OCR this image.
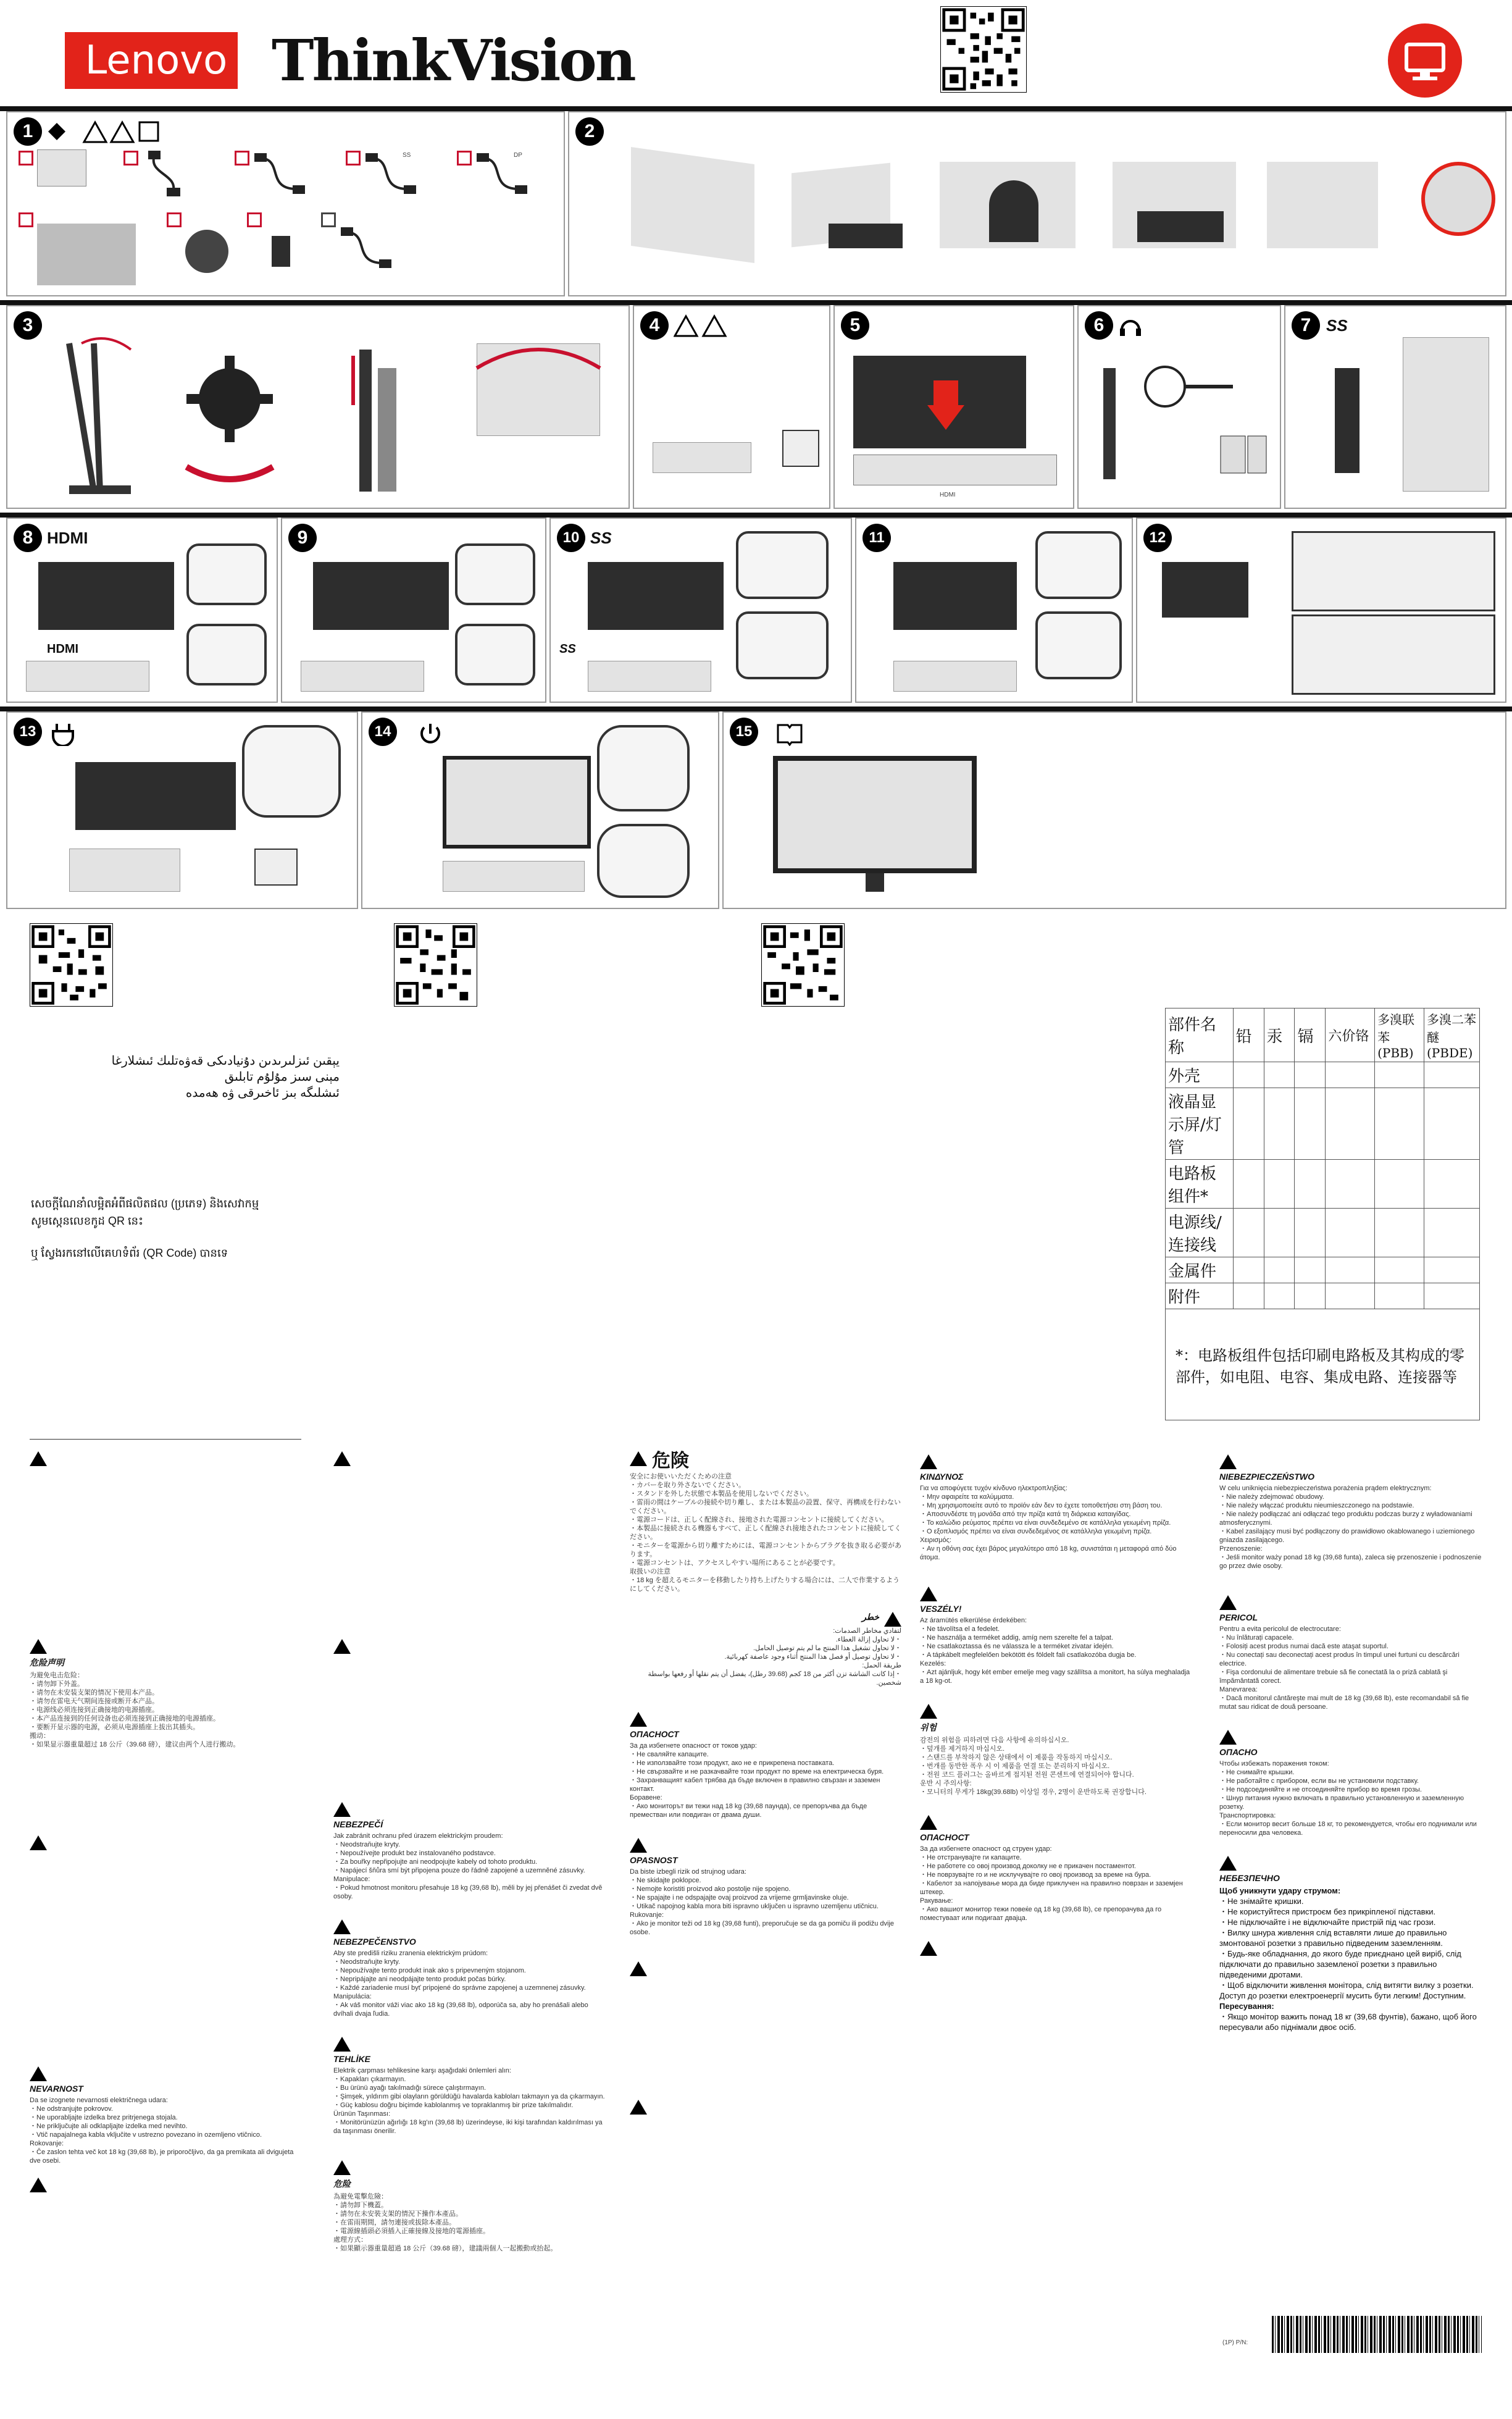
Lenovo ThinkVision
1
SS	DP
2
3	4	5
HDMI
6	7 SS
8 HDMI
HDMI
9	10 SS
SS
11	12
13	14	15
يېقىن ئىزلىرىدىن دۇنيادىكى قەۋەتلىك ئىشلارغا
مېنى سىز مۇلۇم تابلىق
ئىشلىگە بىز ئاخىرقى ۋە ھەمدە
សេចក្តីណែនាំលម្អិតអំពីផលិតផល (ប្រភេទ) និងសេវាកម្ម
សូមស្កេនលេខកូដ QR នេះ
ឬ ស្វែងរកនៅលើគេហទំព័រ (QR Code) បានទេ
部件名称	铅	汞	镉	六价铬	多溴联苯(PBB)	多溴二苯醚(PBDE)
外壳						
液晶显示屏/灯管						
电路板组件*						
电源线/连接线						
金属件						
附件						
*：电路板组件包括印刷电路板及其构成的零部件，如电阻、电容、集成电路、连接器等						
危险声明
为避免电击危险：
・请勿卸下外盖。
・请勿在未安装支架的情况下使用本产品。
・请勿在雷电天气期间连接或断开本产品。
・电源线必须连接到正确接地的电源插座。
・本产品连接到的任何设备也必须连接到正确接地的电源插座。
・要断开显示器的电源，必须从电源插座上拔出其插头。
搬动：
・如果显示器重量超过 18 公斤（39.68 磅），建议由两个人进行搬动。
NEVARNOST
Da se izognete nevarnosti električnega udara:
・Ne odstranjujte pokrovov.
・Ne uporabljajte izdelka brez pritrjenega stojala.
・Ne priključujte ali odklapljajte izdelka med nevihto.
・Vtič napajalnega kabla vključite v ustrezno povezano in ozemljeno vtičnico.
Rokovanje:
・Če zaslon tehta več kot 18 kg (39,68 lb), je priporočljivo, da ga premikata ali dvigujeta dve osebi.
NEBEZPEČÍ
Jak zabránit ochranu před úrazem elektrickým proudem:
・Neodstraňujte kryty.
・Nepoužívejte produkt bez instalovaného podstavce.
・Za bouřky nepřipojujte ani neodpojujte kabely od tohoto produktu.
・Napájecí šňůra smí být připojena pouze do řádně zapojené a uzemněné zásuvky.
Manipulace:
・Pokud hmotnost monitoru přesahuje 18 kg (39,68 lb), měli by jej přenášet či zvedat dvě osoby.
NEBEZPEČENSTVO
Aby ste predišli riziku zranenia elektrickým prúdom:
・Neodstraňujte kryty.
・Nepoužívajte tento produkt inak ako s pripevneným stojanom.
・Nepripájajte ani neodpájajte tento produkt počas búrky.
・Každé zariadenie musí byť pripojené do správne zapojenej a uzemnenej zásuvky.
Manipulácia:
・Ak váš monitor váži viac ako 18 kg (39,68 lb), odporúča sa, aby ho prenášali alebo dvíhali dvaja ľudia.
TEHLİKE
Elektrik çarpması tehlikesine karşı aşağıdaki önlemleri alın:
・Kapakları çıkarmayın.
・Bu ürünü ayağı takılmadığı sürece çalıştırmayın.
・Şimşek, yıldırım gibi olayların görüldüğü havalarda kabloları takmayın ya da çıkarmayın.
・Güç kablosu doğru biçimde kablolanmış ve topraklanmış bir prize takılmalıdır.
Ürünün Taşınması:
・Monitörünüzün ağırlığı 18 kg'ın (39,68 lb) üzerindeyse, iki kişi tarafından kaldırılması ya da taşınması önerilir.
危险
為避免電擊危險：
・請勿卸下機蓋。
・請勿在未安裝支架的情況下操作本產品。
・在雷雨期間，請勿連接或拔除本產品。
・電源線插頭必須插入正確接線及接地的電源插座。
處理方式：
・如果顯示器重量超過 18 公斤（39.68 磅），建議兩個人一起搬動或抬起。
危険
安全にお使いいただくための注意
・カバーを取り外さないでください。
・スタンドを外した状態で本製品を使用しないでください。
・雷雨の間はケーブルの接続や切り離し、または本製品の設置、保守、再構成を行わないでください。
・電源コードは、正しく配線され、接地された電源コンセントに接続してください。
・本製品に接続される機器もすべて、正しく配線され接地されたコンセントに接続してください。
・モニターを電源から切り離すためには、電源コンセントからプラグを抜き取る必要があります。
・電源コンセントは、アクセスしやすい場所にあることが必要です。
取扱いの注意
・18 kg を超えるモニターを移動したり持ち上げたりする場合には、二人で作業するようにしてください。
خطر
لتفادي مخاطر الصدمات:
・لا تحاول إزالة الغطاء.
・لا تحاول تشغيل هذا المنتج ما لم يتم توصيل الحامل.
・لا تحاول توصيل أو فصل هذا المنتج أثناء وجود عاصفة كهربائية.
طريقة الحمل:
・إذا كانت الشاشة تزن أكثر من 18 كجم (39.68 رطل)، يفضل أن يتم نقلها أو رفعها بواسطة شخصين.
ОПАСНОСТ
За да избегнете опасност от токов удар:
・Не сваляйте капаците.
・Не използвайте този продукт, ако не е прикрепена поставката.
・Не свързвайте и не разкачвайте този продукт по време на електрическа буря.
・Захранващият кабел трябва да бъде включен в правилно свързан и заземен контакт.
Боравене:
・Ако мониторът ви тежи над 18 kg (39,68 паунда), се препоръчва да бъде преместван или повдиган от двама души.
OPASNOST
Da biste izbegli rizik od strujnog udara:
・Ne skidajte poklopce.
・Nemojte koristiti proizvod ako postolje nije spojeno.
・Ne spajajte i ne odspajajte ovaj proizvod za vrijeme grmljavinske oluje.
・Utikač napojnog kabla mora biti ispravno uključen u ispravno uzemljenu utičnicu.
Rukovanje:
・Ako je monitor teži od 18 kg (39,68 funti), preporučuje se da ga pomiču ili podižu dvije osobe.
ΚΙΝΔΥΝΟΣ
Για να αποφύγετε τυχόν κίνδυνο ηλεκτροπληξίας:
・Μην αφαιρείτε τα καλύμματα.
・Μη χρησιμοποιείτε αυτό το προϊόν εάν δεν το έχετε τοποθετήσει στη βάση του.
・Αποσυνδέστε τη μονάδα από την πρίζα κατά τη διάρκεια καταιγίδας.
・Το καλώδιο ρεύματος πρέπει να είναι συνδεδεμένο σε κατάλληλα γειωμένη πρίζα.
・Ο εξοπλισμός πρέπει να είναι συνδεδεμένος σε κατάλληλα γειωμένη πρίζα.
Χειρισμός:
・Αν η οθόνη σας έχει βάρος μεγαλύτερο από 18 kg, συνιστάται η μεταφορά από δύο άτομα.
VESZÉLY!
Az áramütés elkerülése érdekében:
・Ne távolítsa el a fedelet.
・Ne használja a terméket addig, amíg nem szerelte fel a talpat.
・Ne csatlakoztassa és ne válassza le a terméket zivatar idején.
・A tápkábelt megfelelően bekötött és földelt fali csatlakozóba dugja be.
Kezelés:
・Azt ajánljuk, hogy két ember emelje meg vagy szállítsa a monitort, ha súlya meghaladja a 18 kg-ot.
위험
감전의 위험을 피하려면 다음 사항에 유의하십시오.
・덮개를 제거하지 마십시오.
・스탠드를 부착하지 않은 상태에서 이 제품을 작동하지 마십시오.
・번개를 동반한 폭우 시 이 제품을 연결 또는 분리하지 마십시오.
・전원 코드 플러그는 올바르게 접지된 전원 콘센트에 연결되어야 합니다.
운반 시 주의사항:
・모니터의 무게가 18kg(39.68lb) 이상일 경우, 2명이 운반하도록 권장합니다.
ОПАСНОСТ
За да избегнете опасност од струен удар:
・Не отстранувајте ги капаците.
・Не работете со овој производ доколку не е прикачен постаментот.
・Не поврзувајте го и не исклучувајте го овој производ за време на бура.
・Кабелот за напојување мора да биде приклучен на правилно поврзан и заземјен штекер.
Ракување:
・Ако вашиот монитор тежи повеќе од 18 kg (39,68 lb), се препорачува да го поместуваат или подигаат двајца.
NIEBEZPIECZEŃSTWO
W celu uniknięcia niebezpieczeństwa porażenia prądem elektrycznym:
・Nie należy zdejmować obudowy.
・Nie należy włączać produktu nieumieszczonego na podstawie.
・Nie należy podłączać ani odłączać tego produktu podczas burzy z wyładowaniami atmosferycznymi.
・Kabel zasilający musi być podłączony do prawidłowo okablowanego i uziemionego gniazda zasilającego.
Przenoszenie:
・Jeśli monitor waży ponad 18 kg (39,68 funta), zaleca się przenoszenie i podnoszenie go przez dwie osoby.
PERICOL
Pentru a evita pericolul de electrocutare:
・Nu înlăturați capacele.
・Folosiți acest produs numai dacă este ataşat suportul.
・Nu conectați sau deconectați acest produs în timpul unei furtuni cu descărcări electrice.
・Fişa cordonului de alimentare trebuie să fie conectată la o priză cablată şi împământată corect.
Manevrarea:
・Dacă monitorul cântăreşte mai mult de 18 kg (39,68 lb), este recomandabil să fie mutat sau ridicat de două persoane.
ОПАСНО
Чтобы избежать поражения током:
・Не снимайте крышки.
・Не работайте с прибором, если вы не установили подставку.
・Не подсоединяйте и не отсоединяйте прибор во время грозы.
・Шнур питания нужно включать в правильно установленную и заземленную розетку.
Транспортировка:
・Если монитор весит больше 18 кг, то рекомендуется, чтобы его поднимали или переносили два человека.
НЕБЕЗПЕЧНО
Щоб уникнути удару струмом:
・Не знімайте кришки.
・Не користуйтеся пристроєм без прикріпленої підставки.
・Не підключайте і не відключайте пристрій під час грози.
・Вилку шнура живлення слід вставляти лише до правильно змонтованої розетки з правильно підведеним заземленням.
・Будь-яке обладнання, до якого буде приєднано цей виріб, слід підключати до правильно заземленої розетки з правильно підведеними дротами.
・Щоб відключити живлення монітора, слід витягти вилку з розетки. Доступ до розетки електроенергії мусить бути легким! Доступним.
Пересування:
・Якщо монітор важить понад 18 кг (39,68 фунтів), бажано, щоб його пересували або піднімали двоє осіб.
(1P) P/N:
